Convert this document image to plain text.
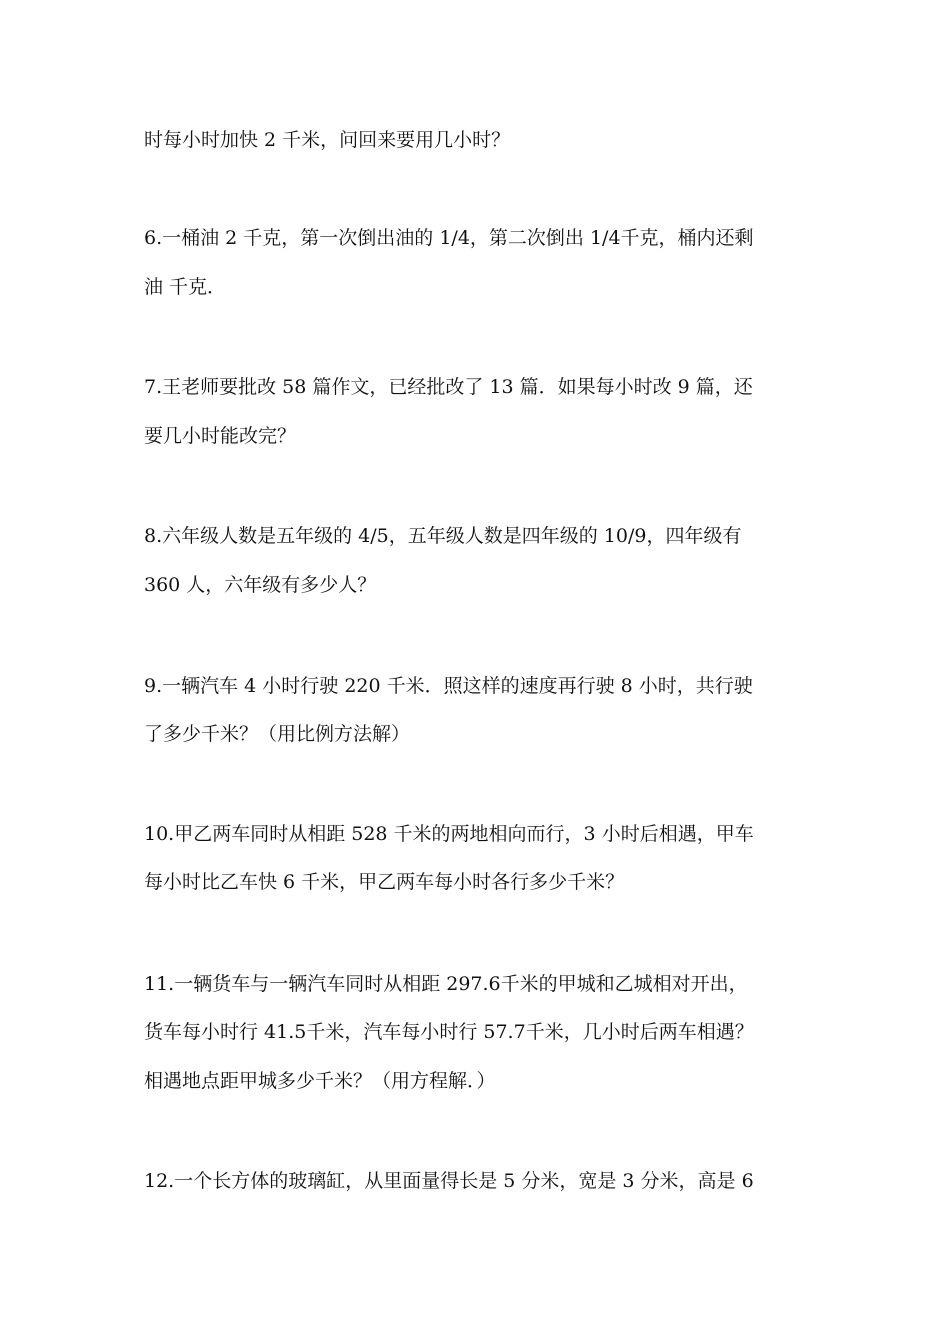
时每小时加快 2 千米，问回来要用几小时？
6.一桶油 2 千克，第一次倒出油的 1/4，第二次倒出 1/4千克，桶内还剩
油 千克．
7.王老师要批改 58 篇作文，已经批改了 13 篇．如果每小时改 9 篇，还
要几小时能改完？
8.六年级人数是五年级的 4/5，五年级人数是四年级的 10/9，四年级有
360 人，六年级有多少人？
9.一辆汽车 4 小时行驶 220 千米．照这样的速度再行驶 8 小时，共行驶
了多少千米？（用比例方法解）
10.甲乙两车同时从相距 528 千米的两地相向而行，3 小时后相遇，甲车
每小时比乙车快 6 千米，甲乙两车每小时各行多少千米？
11.一辆货车与一辆汽车同时从相距 297.6千米的甲城和乙城相对开出，
货车每小时行 41.5千米，汽车每小时行 57.7千米，几小时后两车相遇？
相遇地点距甲城多少千米？（用方程解．）
12.一个长方体的玻璃缸，从里面量得长是 5 分米，宽是 3 分米，高是 6
